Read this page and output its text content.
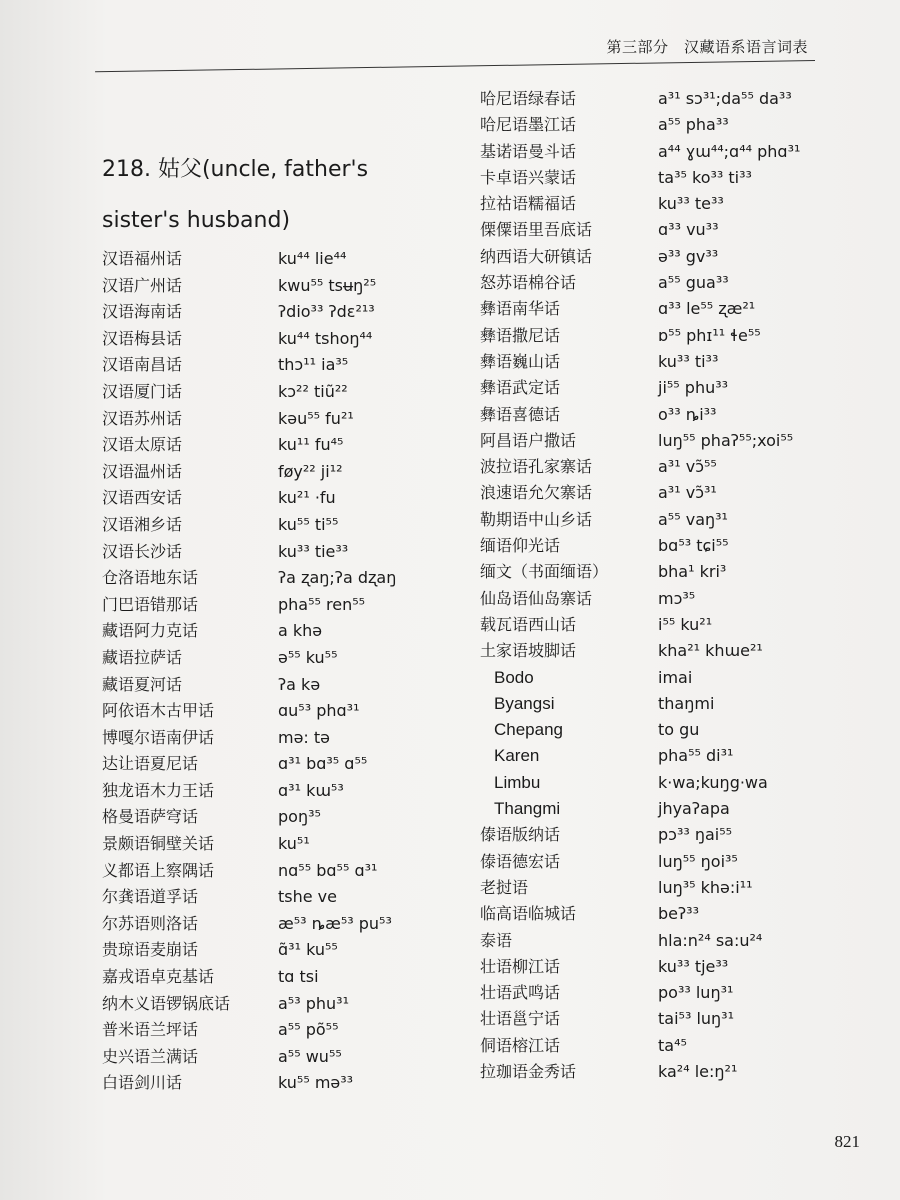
第三部分　汉藏语系语言词表
218. 姑父(uncle, father's sister's husband)
汉语福州话	ku⁴⁴ lie⁴⁴
汉语广州话	kwu⁵⁵ tsʉŋ²⁵
汉语海南话	ʔdio³³ ʔdɛ²¹³
汉语梅县话	ku⁴⁴ tshoŋ⁴⁴
汉语南昌话	thɔ¹¹ ia³⁵
汉语厦门话	kɔ²² tiũ²²
汉语苏州话	kəu⁵⁵ fu²¹
汉语太原话	ku¹¹ fu⁴⁵
汉语温州话	føy²² ji¹²
汉语西安话	ku²¹ ·fu
汉语湘乡话	ku⁵⁵ ti⁵⁵
汉语长沙话	ku³³ tie³³
仓洛语地东话	ʔa ʐaŋ;ʔa dʐaŋ
门巴语错那话	pha⁵⁵ ren⁵⁵
藏语阿力克话	a khə
藏语拉萨话	ə⁵⁵ ku⁵⁵
藏语夏河话	ʔa kə
阿依语木古甲话	ɑu⁵³ phɑ³¹
博嘎尔语南伊话	mə: tə
达让语夏尼话	ɑ³¹ bɑ³⁵ ɑ⁵⁵
独龙语木力王话	ɑ³¹ kɯ⁵³
格曼语萨穹话	poŋ³⁵
景颇语铜壁关话	ku⁵¹
义都语上察隅话	nɑ⁵⁵ bɑ⁵⁵ ɑ³¹
尔龚语道孚话	tshe ve
尔苏语则洛话	æ⁵³ ȵæ⁵³ pu⁵³
贵琼语麦崩话	ɑ̃³¹ ku⁵⁵
嘉戎语卓克基话	tɑ tsi
纳木义语锣锅底话	a⁵³ phu³¹
普米语兰坪话	a⁵⁵ põ⁵⁵
史兴语兰满话	a⁵⁵ wu⁵⁵
白语剑川话	ku⁵⁵ mə³³
哈尼语绿春话	a³¹ sɔ³¹;da⁵⁵ da³³
哈尼语墨江话	a⁵⁵ pha³³
基诺语曼斗话	a⁴⁴ ɣɯ⁴⁴;ɑ⁴⁴ phɑ³¹
卡卓语兴蒙话	ta³⁵ ko³³ ti³³
拉祜语糯福话	ku³³ te³³
傈僳语里吾底话	ɑ³³ vu³³
纳西语大研镇话	ə³³ gv³³
怒苏语棉谷话	a⁵⁵ gua³³
彝语南华话	ɑ³³ le⁵⁵ ʐæ²¹
彝语撒尼话	ɒ⁵⁵ phɪ¹¹ ɬe⁵⁵
彝语巍山话	ku³³ ti³³
彝语武定话	ji⁵⁵ phu³³
彝语喜德话	o³³ ȵi³³
阿昌语户撒话	luŋ⁵⁵ phaʔ⁵⁵;xoi⁵⁵
波拉语孔家寨话	a³¹ vɔ̃⁵⁵
浪速语允欠寨话	a³¹ vɔ̃³¹
勒期语中山乡话	a⁵⁵ vaŋ³¹
缅语仰光话	bɑ⁵³ tɕi⁵⁵
缅文（书面缅语）	bha¹ kri³
仙岛语仙岛寨话	mɔ³⁵
载瓦语西山话	i⁵⁵ ku²¹
土家语坡脚话	kha²¹ khɯe²¹
Bodo	imai
Byangsi	thaŋmi
Chepang	to gu
Karen	pha⁵⁵ di³¹
Limbu	k·wa;kuŋg·wa
Thangmi	jhyaʔapa
傣语版纳话	pɔ³³ ŋai⁵⁵
傣语德宏话	luŋ⁵⁵ ŋoi³⁵
老挝语	luŋ³⁵ khə:i¹¹
临高语临城话	beʔ³³
泰语	hla:n²⁴ sa:u²⁴
壮语柳江话	ku³³ tje³³
壮语武鸣话	po³³ luŋ³¹
壮语邕宁话	tai⁵³ luŋ³¹
侗语榕江话	ta⁴⁵
拉珈语金秀话	ka²⁴ le:ŋ²¹
821
